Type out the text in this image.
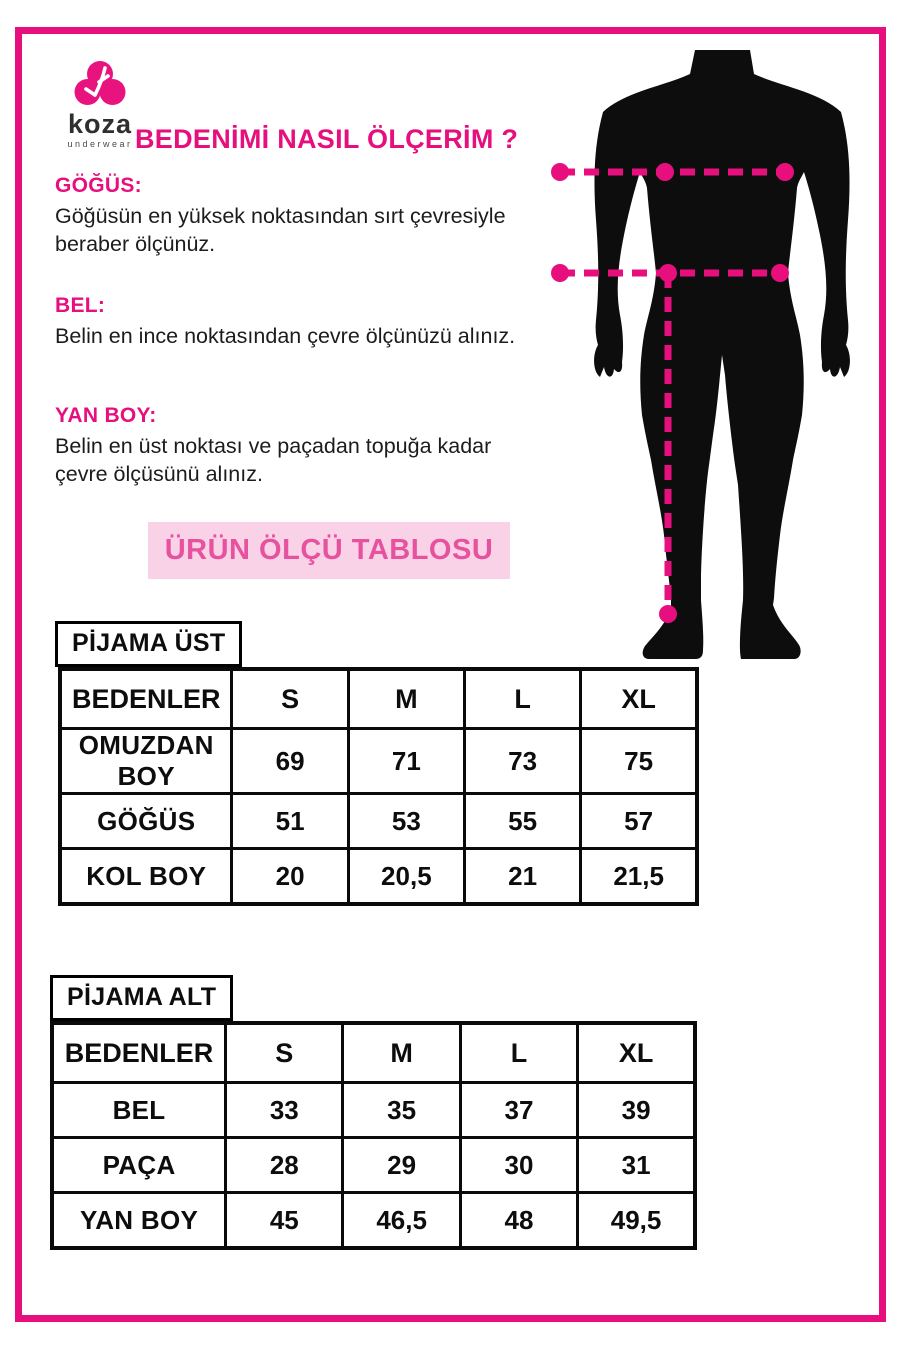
koza
underwear BEDENİMİ NASIL ÖLÇERİM ?
GÖĞÜS:

Göğüsün en yüksek noktasından sırt çevresiyle beraber ölçünüz.

BEL:

Belin en ince noktasından çevre ölçünüzü alınız.

YAN BOY:

Belin en üst noktası ve paçadan topuğa kadar çevre ölçüsünü alınız.

ÜRÜN ÖLÇÜ TABLOSU
PİJAMA ÜST
BEDENLER	S	M	L	XL
OMUZDAN BOY	69	71	73	75
GÖĞÜS	51	53	55	57
KOL BOY	20	20,5	21	21,5
PİJAMA ALT
BEDENLER	S	M	L	XL
BEL	33	35	37	39
PAÇA	28	29	30	31
YAN BOY	45	46,5	48	49,5
